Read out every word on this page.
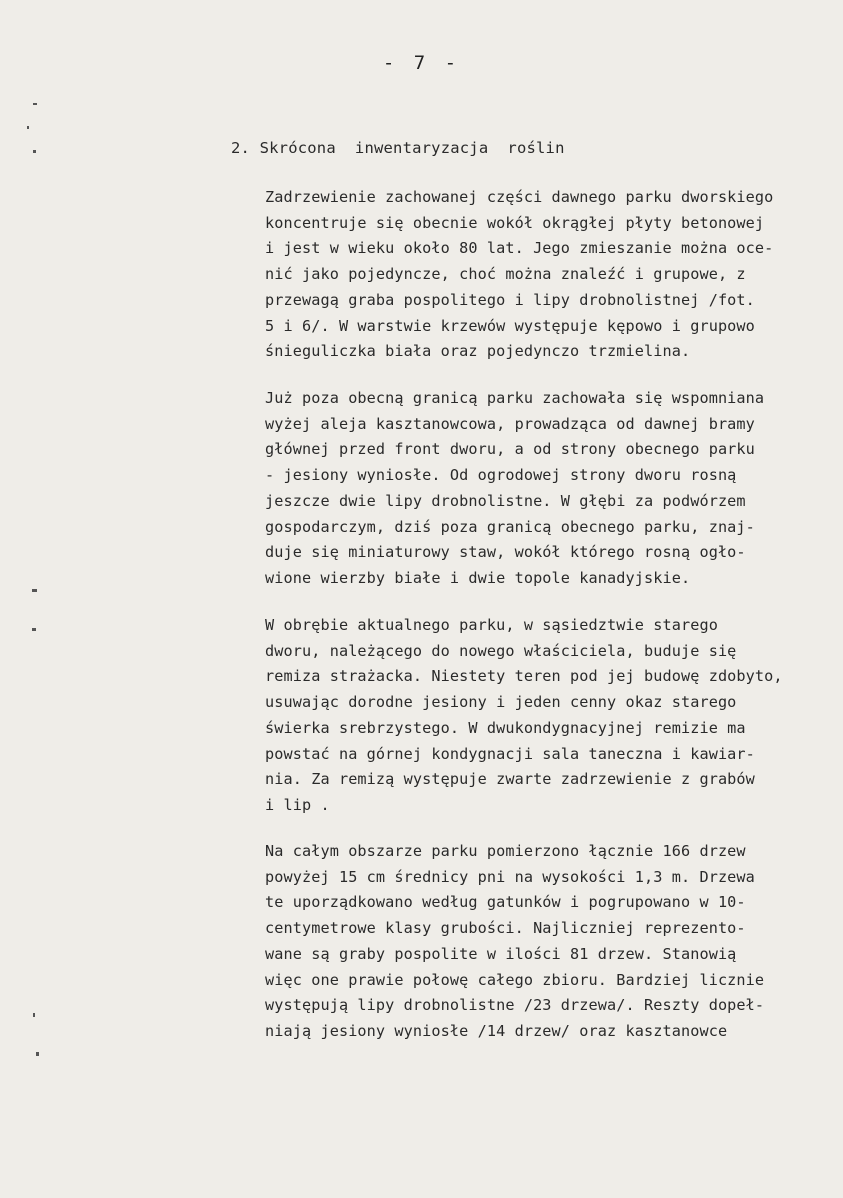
- 7 -
2. Skrócona  inwentaryzacja  roślin
Zadrzewienie zachowanej części dawnego parku dworskiego
koncentruje się obecnie wokół okrągłej płyty betonowej
i jest w wieku około 80 lat. Jego zmieszanie można oce-
nić jako pojedyncze, choć można znaleźć i grupowe, z
przewagą graba pospolitego i lipy drobnolistnej /fot.
5 i 6/. W warstwie krzewów występuje kępowo i grupowo
śnieguliczka biała oraz pojedynczo trzmielina.
Już poza obecną granicą parku zachowała się wspomniana
wyżej aleja kasztanowcowa, prowadząca od dawnej bramy
głównej przed front dworu, a od strony obecnego parku
- jesiony wyniosłe. Od ogrodowej strony dworu rosną
jeszcze dwie lipy drobnolistne. W głębi za podwórzem
gospodarczym, dziś poza granicą obecnego parku, znaj-
duje się miniaturowy staw, wokół którego rosną ogło-
wione wierzby białe i dwie topole kanadyjskie.
W obrębie aktualnego parku, w sąsiedztwie starego
dworu, należącego do nowego właściciela, buduje się
remiza strażacka. Niestety teren pod jej budowę zdobyto,
usuwając dorodne jesiony i jeden cenny okaz starego
świerka srebrzystego. W dwukondygnacyjnej remizie ma
powstać na górnej kondygnacji sala taneczna i kawiar-
nia. Za remizą występuje zwarte zadrzewienie z grabów
i lip .
Na całym obszarze parku pomierzono łącznie 166 drzew
powyżej 15 cm średnicy pni na wysokości 1,3 m. Drzewa
te uporządkowano według gatunków i pogrupowano w 10-
centymetrowe klasy grubości. Najliczniej reprezento-
wane są graby pospolite w ilości 81 drzew. Stanowią
więc one prawie połowę całego zbioru. Bardziej licznie
występują lipy drobnolistne /23 drzewa/. Reszty dopeł-
niają jesiony wyniosłe /14 drzew/ oraz kasztanowce
